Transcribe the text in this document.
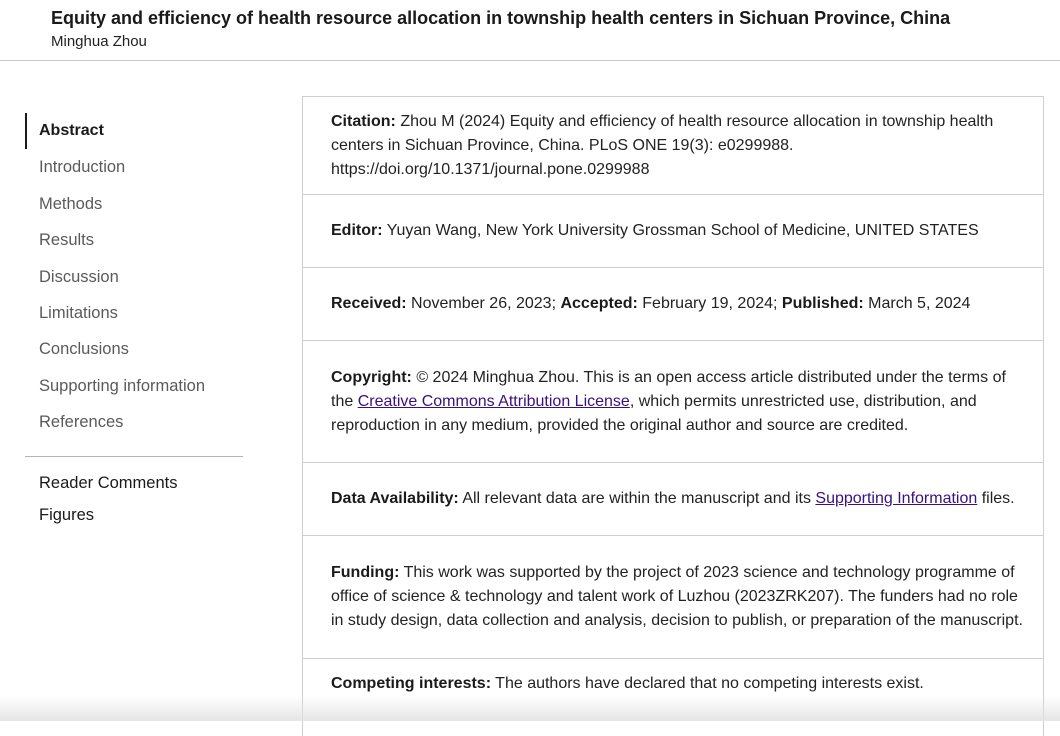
Equity and efficiency of health resource allocation in township health centers in Sichuan Province, China

Minghua Zhou

Abstract
Introduction
Methods
Results
Discussion
Limitations
Conclusions
Supporting information
References
Reader Comments
Figures

Citation: Zhou M (2024) Equity and efficiency of health resource allocation in township health centers in Sichuan Province, China. PLoS ONE 19(3): e0299988. https://doi.org/10.1371/journal.pone.0299988

Editor: Yuyan Wang, New York University Grossman School of Medicine, UNITED STATES

Received: November 26, 2023; Accepted: February 19, 2024; Published: March 5, 2024

Copyright: © 2024 Minghua Zhou. This is an open access article distributed under the terms of the Creative Commons Attribution License, which permits unrestricted use, distribution, and reproduction in any medium, provided the original author and source are credited.

Data Availability: All relevant data are within the manuscript and its Supporting Information files.

Funding: This work was supported by the project of 2023 science and technology programme of office of science & technology and talent work of Luzhou (2023ZRK207). The funders had no role in study design, data collection and analysis, decision to publish, or preparation of the manuscript.

Competing interests: The authors have declared that no competing interests exist.
